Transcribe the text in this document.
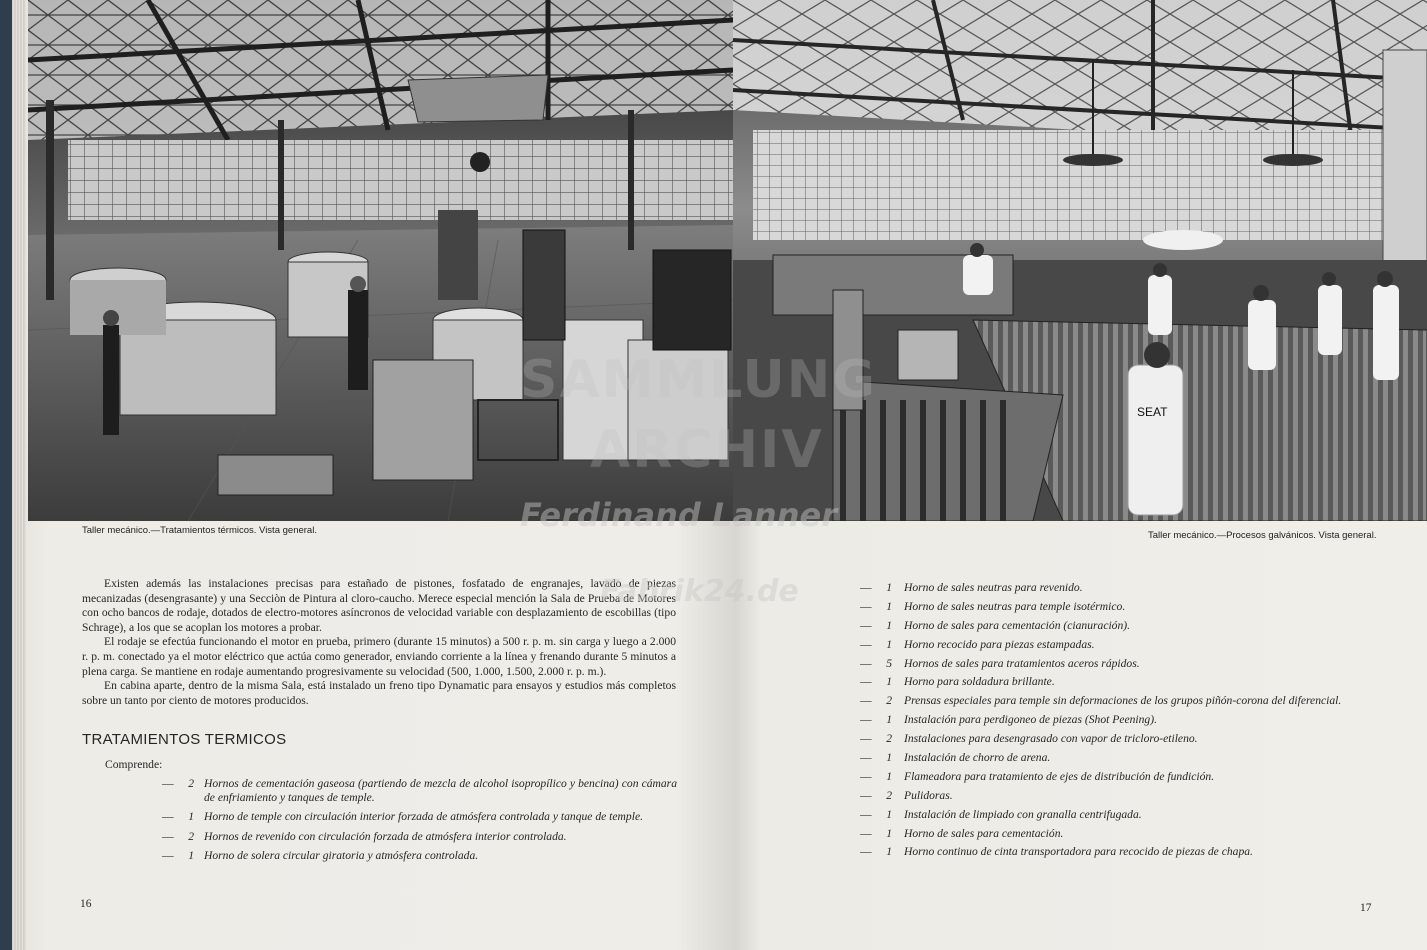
SEAT
Taller mecánico.—Tratamientos térmicos. Vista general.	Taller mecánico.—Procesos galvánicos. Vista general.

Existen además las instalaciones precisas para estañado de pistones, fosfatado de engranajes, lavado de piezas mecanizadas (desengrasante) y una Secciòn de Pintura al cloro-caucho. Merece especial mención la Sala de Prueba de Motores con ocho bancos de rodaje, dotados de electro-motores asíncronos de velocidad variable con desplazamiento de escobillas (tipo Schrage), a los que se acoplan los motores a probar.

El rodaje se efectúa funcionando el motor en prueba, primero (durante 15 minutos) a 500 r. p. m. sin carga y luego a 2.000 r. p. m. conectado ya el motor eléctrico que actúa como generador, enviando corriente a la línea y frenando durante 5 minutos a plena carga. Se mantiene en rodaje aumentando progresivamente su velocidad (500, 1.000, 1.500, 2.000 r. p. m.).

En cabina aparte, dentro de la misma Sala, está instalado un freno tipo Dynamatic para ensayos y estudios más completos sobre un tanto por ciento de motores producidos.

TRATAMIENTOS TERMICOS
Comprende:
—	2 Hornos de cementación gaseosa (partiendo de mezcla de alcohol isopropílico y bencina) con cámara de enfriamiento y tanques de temple.
—	1 Horno de temple con circulación interior forzada de atmósfera controlada y tanque de temple.
—	2 Hornos de revenido con circulación forzada de atmósfera interior controlada.
—	1 Horno de solera circular giratoria y atmósfera controlada.
16
—	1 Horno de sales neutras para revenido.
—	1 Horno de sales neutras para temple isotérmico.
—	1 Horno de sales para cementación (cianuración).
—	1 Horno recocido para piezas estampadas.
—	5 Hornos de sales para tratamientos aceros rápidos.
—	1 Horno para soldadura brillante.
—	2 Prensas especiales para temple sin deformaciones de los grupos piñón-corona del diferencial.
—	1 Instalación para perdigoneo de piezas (Shot Peening).
—	2 Instalaciones para desengrasado con vapor de tricloro-etileno.
—	1 Instalación de chorro de arena.
—	1 Flameadora para tratamiento de ejes de distribución de fundición.
—	2 Pulidoras.
—	1 Instalación de limpiado con granalla centrifugada.
—	1 Horno de sales para cementación.
—	1 Horno continuo de cinta transportadora para recocido de piezas de chapa.
17
SAMMLUNG
ARCHIV
Ferdinand Lanner
Fabrik24.de
